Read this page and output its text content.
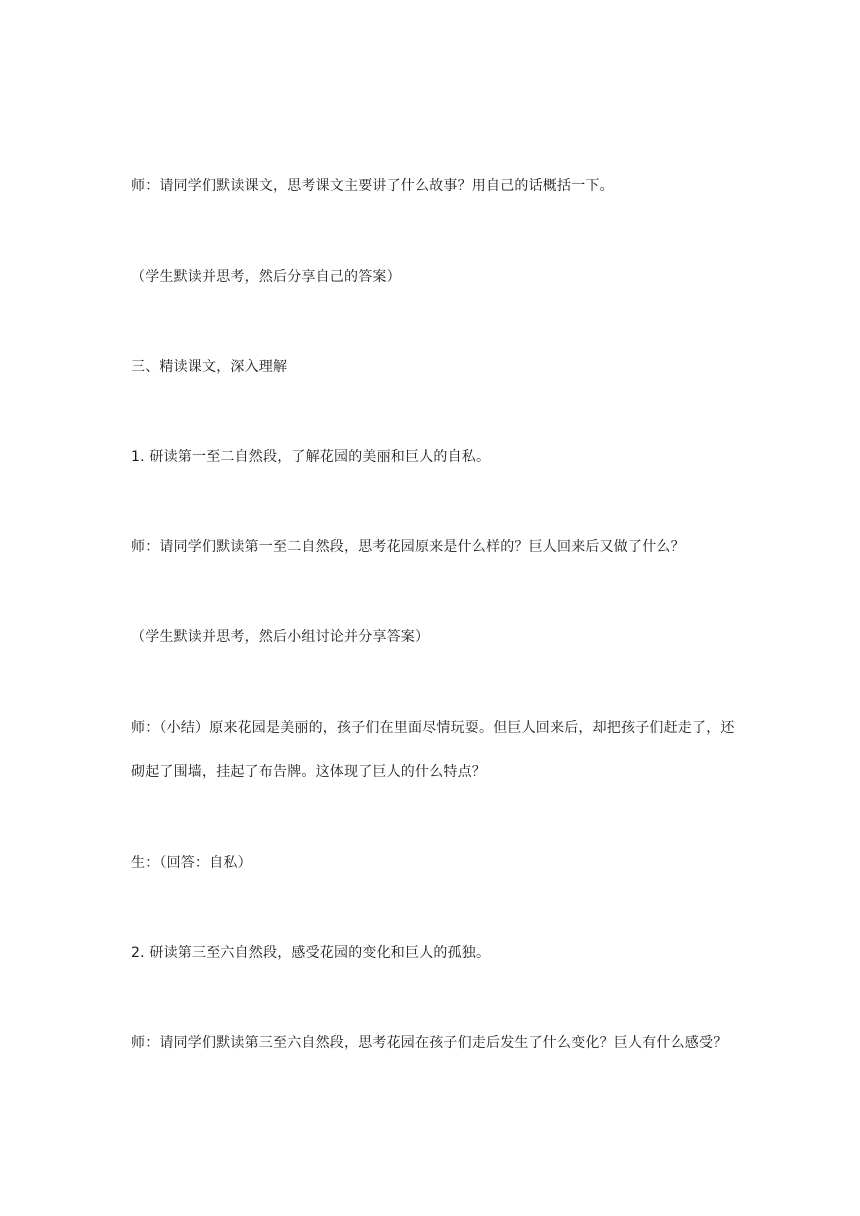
师：请同学们默读课文，思考课文主要讲了什么故事？用自己的话概括一下。

（学生默读并思考，然后分享自己的答案）

三、精读课文，深入理解

1. 研读第一至二自然段，了解花园的美丽和巨人的自私。

师：请同学们默读第一至二自然段，思考花园原来是什么样的？巨人回来后又做了什么？

（学生默读并思考，然后小组讨论并分享答案）

师：（小结）原来花园是美丽的，孩子们在里面尽情玩耍。但巨人回来后，却把孩子们赶走了，还砌起了围墙，挂起了布告牌。这体现了巨人的什么特点？

生：（回答：自私）

2. 研读第三至六自然段，感受花园的变化和巨人的孤独。

师：请同学们默读第三至六自然段，思考花园在孩子们走后发生了什么变化？巨人有什么感受？
